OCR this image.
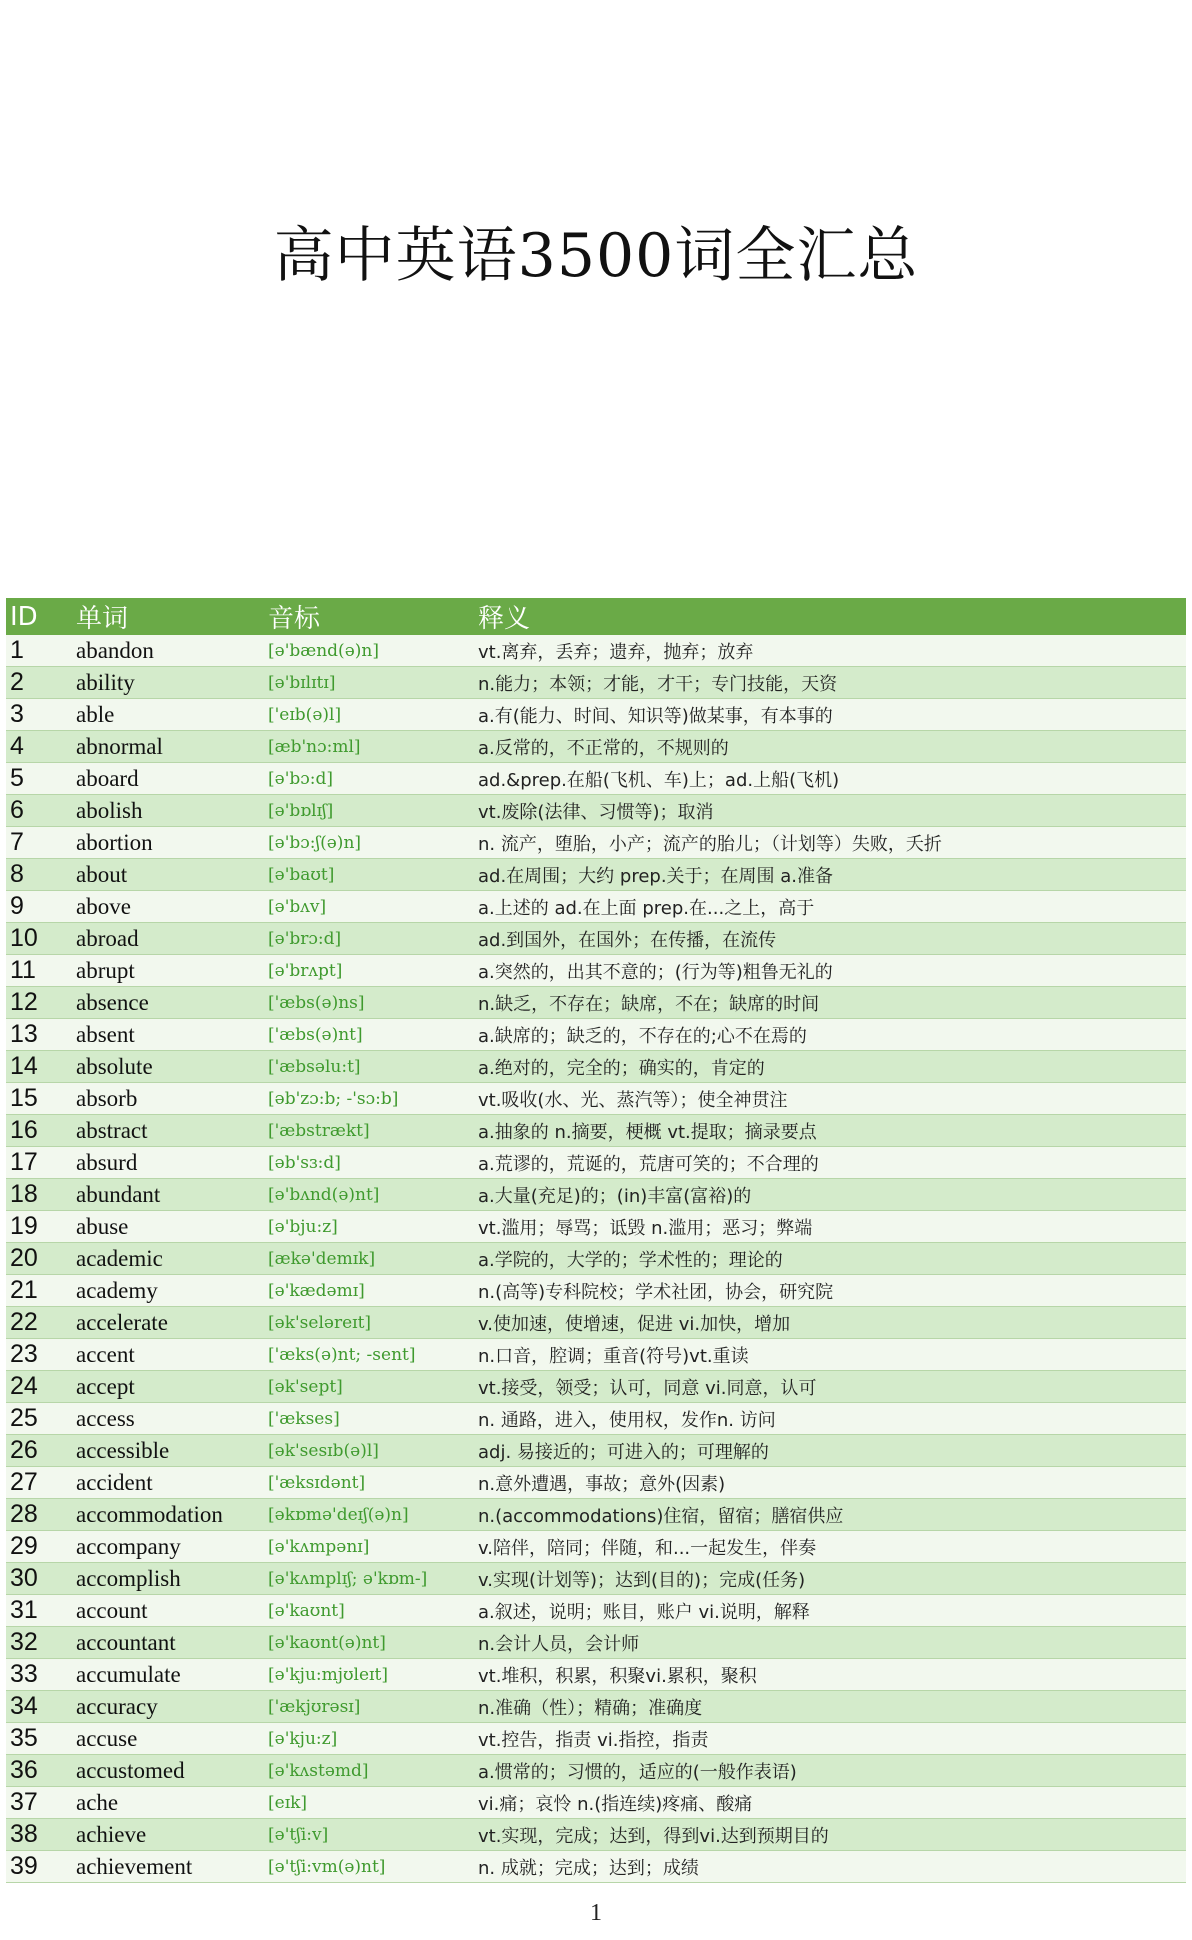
高中英语3500词全汇总
ID	单词	音标	释义
1	abandon	[ə'bænd(ə)n]	vt.离弃，丢弃；遗弃，抛弃；放弃
2	ability	[ə'bɪlɪtɪ]	n.能力；本领；才能，才干；专门技能，天资
3	able	['eɪb(ə)l]	a.有(能力、时间、知识等)做某事，有本事的
4	abnormal	[æb'nɔ:ml]	a.反常的，不正常的，不规则的
5	aboard	[ə'bɔ:d]	ad.&prep.在船(飞机、车)上；ad.上船(飞机)
6	abolish	[ə'bɒlɪʃ]	vt.废除(法律、习惯等)；取消
7	abortion	[ə'bɔ:ʃ(ə)n]	n. 流产，堕胎，小产；流产的胎儿；（计划等）失败，夭折
8	about	[ə'baʊt]	ad.在周围；大约 prep.关于；在周围 a.准备
9	above	[ə'bʌv]	a.上述的 ad.在上面 prep.在...之上，高于
10	abroad	[ə'brɔ:d]	ad.到国外，在国外；在传播，在流传
11	abrupt	[ə'brʌpt]	a.突然的，出其不意的；(行为等)粗鲁无礼的
12	absence	['æbs(ə)ns]	n.缺乏，不存在；缺席，不在；缺席的时间
13	absent	['æbs(ə)nt]	a.缺席的；缺乏的，不存在的;心不在焉的
14	absolute	['æbsəlu:t]	a.绝对的，完全的；确实的，肯定的
15	absorb	[əb'zɔ:b; -'sɔ:b]	vt.吸收(水、光、蒸汽等）；使全神贯注
16	abstract	['æbstrækt]	a.抽象的 n.摘要，梗概 vt.提取；摘录要点
17	absurd	[əb'sɜ:d]	a.荒谬的，荒诞的，荒唐可笑的；不合理的
18	abundant	[ə'bʌnd(ə)nt]	a.大量(充足)的；(in)丰富(富裕)的
19	abuse	[ə'bju:z]	vt.滥用；辱骂；诋毁 n.滥用；恶习；弊端
20	academic	[ækə'demɪk]	a.学院的，大学的；学术性的；理论的
21	academy	[ə'kædəmɪ]	n.(高等)专科院校；学术社团，协会，研究院
22	accelerate	[ək'seləreɪt]	v.使加速，使增速，促进 vi.加快，增加
23	accent	['æks(ə)nt; -sent]	n.口音，腔调；重音(符号)vt.重读
24	accept	[ək'sept]	vt.接受，领受；认可，同意 vi.同意，认可
25	access	['ækses]	n. 通路，进入，使用权，发作n. 访问
26	accessible	[ək'sesɪb(ə)l]	adj. 易接近的；可进入的；可理解的
27	accident	['æksɪdənt]	n.意外遭遇，事故；意外(因素)
28	accommodation	[əkɒmə'deɪʃ(ə)n]	n.(accommodations)住宿，留宿；膳宿供应
29	accompany	[ə'kʌmpənɪ]	v.陪伴，陪同；伴随，和...一起发生，伴奏
30	accomplish	[ə'kʌmplɪʃ; ə'kɒm-]	v.实现(计划等)；达到(目的)；完成(任务)
31	account	[ə'kaʊnt]	a.叙述，说明；账目，账户 vi.说明，解释
32	accountant	[ə'kaʊnt(ə)nt]	n.会计人员，会计师
33	accumulate	[ə'kju:mjʊleɪt]	vt.堆积，积累，积聚vi.累积，聚积
34	accuracy	['ækjʊrəsɪ]	n.准确（性）；精确；准确度
35	accuse	[ə'kju:z]	vt.控告，指责 vi.指控，指责
36	accustomed	[ə'kʌstəmd]	a.惯常的；习惯的，适应的(一般作表语)
37	ache	[eɪk]	vi.痛；哀怜 n.(指连续)疼痛、酸痛
38	achieve	[ə'tʃi:v]	vt.实现，完成；达到，得到vi.达到预期目的
39	achievement	[ə'tʃi:vm(ə)nt]	n. 成就；完成；达到；成绩
1
